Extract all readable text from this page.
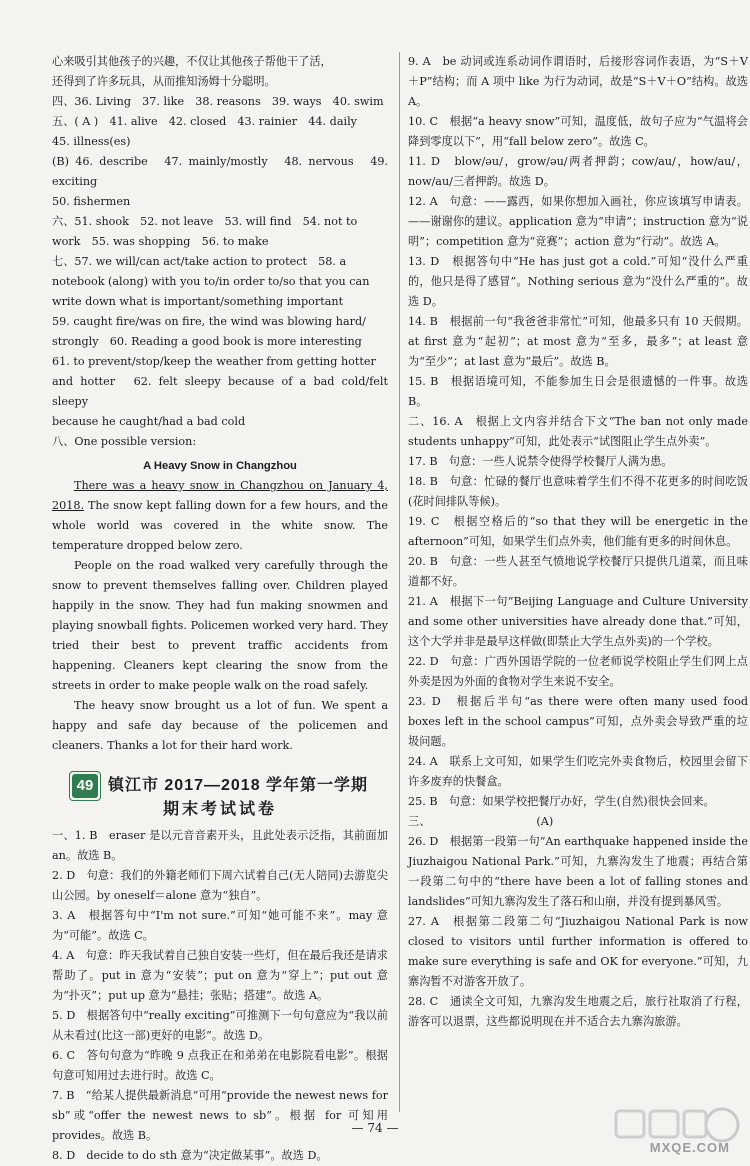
心来吸引其他孩子的兴趣，不仅让其他孩子帮他干了活，

还得到了许多玩具，从而推知汤姆十分聪明。

四、36. Living　37. like　38. reasons　39. ways　40. swim

五、( A )　41. alive　42. closed　43. rainier　44. daily

45. illness(es)

(B) 46. describe　47. mainly/mostly　48. nervous　49. exciting

50. fishermen

六、51. shook　52. not leave　53. will find　54. not to

work　55. was shopping　56. to make

七、57. we will/can act/take action to protect　58. a

notebook (along) with you to/in order to/so that you can

write down what is important/something important

59. caught fire/was on fire, the wind was blowing hard/

strongly　60. Reading a good book is more interesting

61. to prevent/stop/keep the weather from getting hotter

and hotter　62. felt sleepy because of a bad cold/felt sleepy

because he caught/had a bad cold

八、One possible version:

A Heavy Snow in Changzhou

There was a heavy snow in Changzhou on January 4, 2018. The snow kept falling down for a few hours, and the whole world was covered in the white snow. The temperature dropped below zero.

People on the road walked very carefully through the snow to prevent themselves falling over. Children played happily in the snow. They had fun making snowmen and playing snowball fights. Policemen worked very hard. They tried their best to prevent traffic accidents from happening. Cleaners kept clearing the snow from the streets in order to make people walk on the road safely.

The heavy snow brought us a lot of fun. We spent a happy and safe day because of the policemen and cleaners. Thanks a lot for their hard work.

49 镇江市 2017—2018 学年第一学期

期末考试试卷

一、1. B　eraser 是以元音音素开头，且此处表示泛指，其前面加 an。故选 B。

2. D　句意：我们的外籍老师们下周六试着自己(无人陪同)去游览尖山公园。by oneself＝alone 意为“独自”。

3. A　根据答句中“I'm not sure.”可知“她可能不来”。may 意为“可能”。故选 C。

4. A　句意：昨天我试着自己独自安装一些灯，但在最后我还是请求帮助了。put in 意为“安装”；put on 意为“穿上”；put out 意为“扑灭”；put up 意为“悬挂；张贴；搭建”。故选 A。

5. D　根据答句中“really exciting”可推测下一句句意应为“我以前从未看过(比这一部)更好的电影”。故选 D。

6. C　答句句意为“昨晚 9 点我正在和弟弟在电影院看电影”。根据句意可知用过去进行时。故选 C。

7. B　“给某人提供最新消息”可用“provide the newest news for sb”或“offer the newest news to sb”。根据 for 可知用 provides。故选 B。

8. D　decide to do sth 意为“决定做某事”。故选 D。

9. A　be 动词或连系动词作谓语时，后接形容词作表语，为“S＋V＋P”结构；而 A 项中 like 为行为动词，故是“S＋V＋O”结构。故选 A。

10. C　根据“a heavy snow”可知，温度低，故句子应为“气温将会降到零度以下”，用“fall below zero”。故选 C。

11. D　blow/əu/，grow/əu/两者押韵；cow/au/，how/au/，now/au/三者押韵。故选 D。

12. A　句意：——露西，如果你想加入画社，你应该填写申请表。——谢谢你的建议。application 意为“申请”；instruction 意为“说明”；competition 意为“竞赛”；action 意为“行动”。故选 A。

13. D　根据答句中“He has just got a cold.”可知“没什么严重的，他只是得了感冒”。Nothing serious 意为“没什么严重的”。故选 D。

14. B　根据前一句“我爸爸非常忙”可知，他最多只有 10 天假期。at first 意为“起初”；at most 意为“至多，最多”；at least 意为“至少”；at last 意为“最后”。故选 B。

15. B　根据语境可知，不能参加生日会是很遗憾的一件事。故选 B。

二、16. A　根据上文内容并结合下文“The ban not only made students unhappy”可知，此处表示“试图阻止学生点外卖”。

17. B　句意：一些人说禁令使得学校餐厅人满为患。

18. B　句意：忙碌的餐厅也意味着学生们不得不花更多的时间吃饭(花时间排队等候)。

19. C　根据空格后的“so that they will be energetic in the afternoon”可知，如果学生们点外卖，他们能有更多的时间休息。

20. B　句意：一些人甚至气愤地说学校餐厅只提供几道菜，而且味道都不好。

21. A　根据下一句“Beijing Language and Culture University and some other universities have already done that.”可知，这个大学并非是最早这样做(即禁止大学生点外卖)的一个学校。

22. D　句意：广西外国语学院的一位老师说学校阻止学生们网上点外卖是因为外面的食物对学生来说不安全。

23. D　根据后半句“as there were often many used food boxes left in the school campus”可知，点外卖会导致严重的垃圾问题。

24. A　联系上文可知，如果学生们吃完外卖食物后，校园里会留下许多废弃的快餐盒。

25. B　句意：如果学校把餐厅办好，学生(自然)很快会回来。

三、	(A)

26. D　根据第一段第一句“An earthquake happened inside the Jiuzhaigou National Park.”可知，九寨沟发生了地震；再结合第一段第二句中的“there have been a lot of falling stones and landslides”可知九寨沟发生了落石和山崩，并没有提到暴风雪。

27. A　根据第二段第二句“Jiuzhaigou National Park is now closed to visitors until further information is offered to make sure everything is safe and OK for everyone.”可知，九寨沟暂不对游客开放了。

28. C　通读全文可知，九寨沟发生地震之后，旅行社取消了行程，游客可以退票，这些都说明现在并不适合去九寨沟旅游。

— 74 —
MXQE.COM
